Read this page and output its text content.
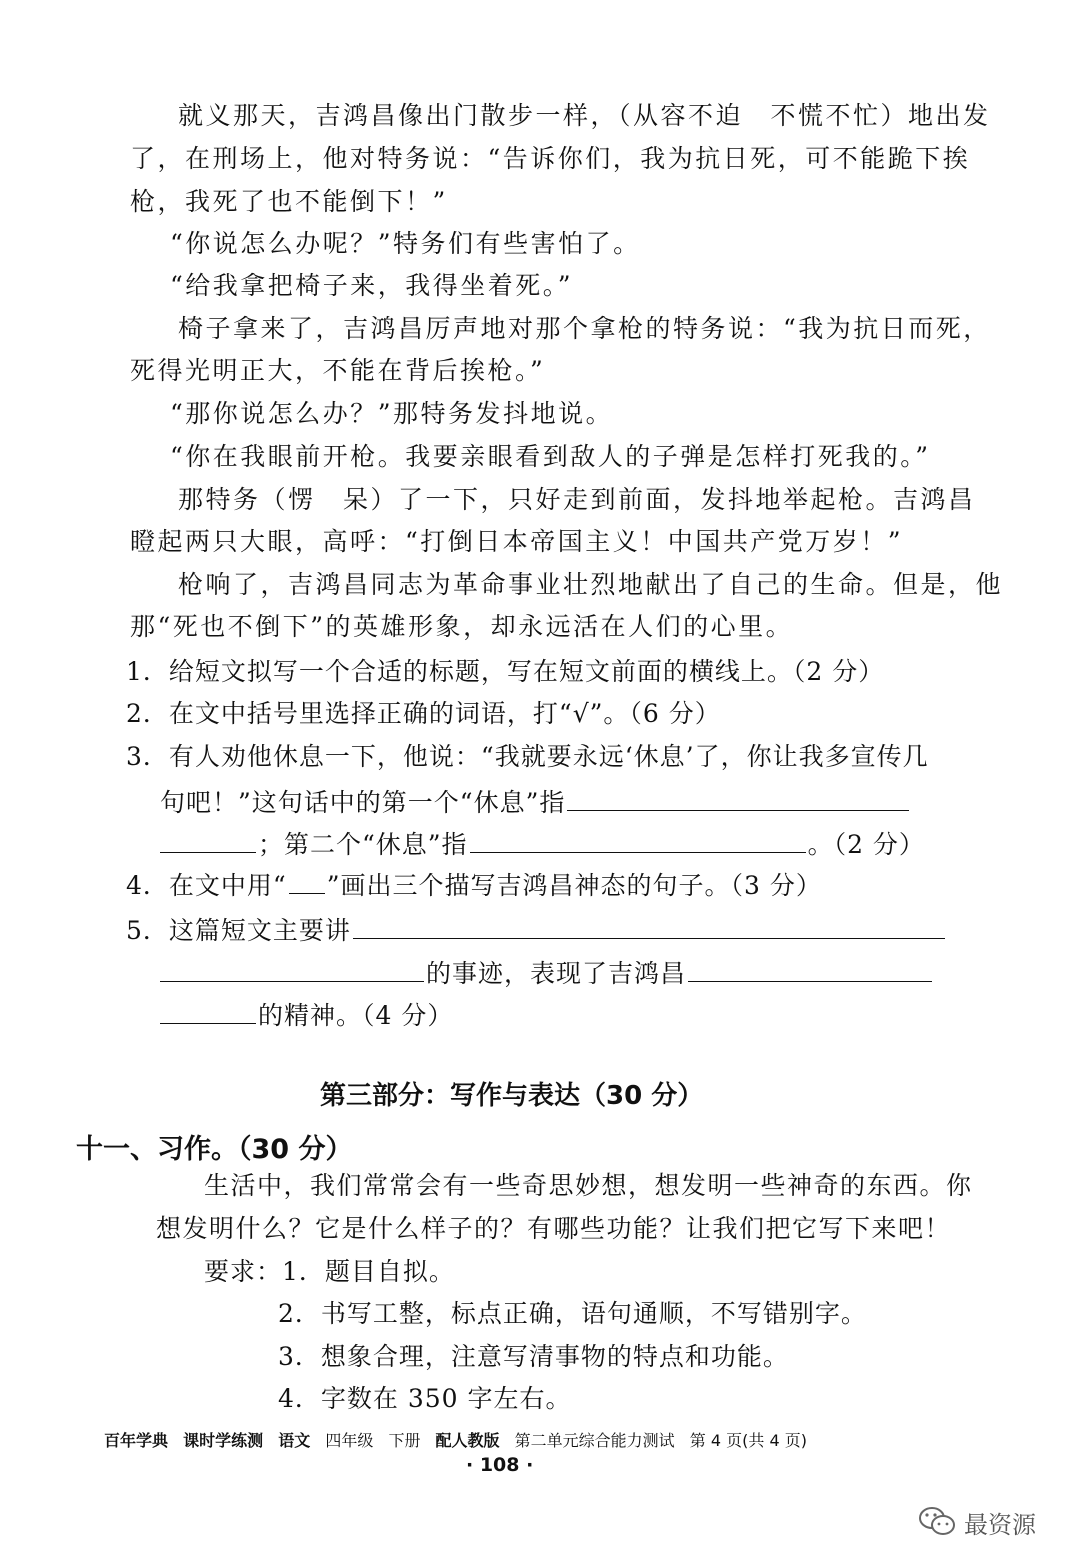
就义那天，吉鸿昌像出门散步一样，（从容不迫　不慌不忙）地出发
了，在刑场上，他对特务说：“告诉你们，我为抗日死，可不能跪下挨
枪，我死了也不能倒下！”
“你说怎么办呢？”特务们有些害怕了。
“给我拿把椅子来，我得坐着死。”
椅子拿来了，吉鸿昌厉声地对那个拿枪的特务说：“我为抗日而死，
死得光明正大，不能在背后挨枪。”
“那你说怎么办？”那特务发抖地说。
“你在我眼前开枪。我要亲眼看到敌人的子弹是怎样打死我的。”
那特务（愣　呆）了一下，只好走到前面，发抖地举起枪。吉鸿昌
瞪起两只大眼，高呼：“打倒日本帝国主义！中国共产党万岁！”
枪响了，吉鸿昌同志为革命事业壮烈地献出了自己的生命。但是，他
那“死也不倒下”的英雄形象，却永远活在人们的心里。
1．给短文拟写一个合适的标题，写在短文前面的横线上。（2 分）
2．在文中括号里选择正确的词语，打“√”。（6 分）
3．有人劝他休息一下，他说：“我就要永远‘休息’了，你让我多宣传几
句吧！”这句话中的第一个“休息”指
；第二个“休息”指	。（2 分）
4．在文中用“ ”画出三个描写吉鸿昌神态的句子。（3 分）
5．这篇短文主要讲
的事迹，表现了吉鸿昌
的精神。（4 分）
第三部分：写作与表达（30 分）
十一、习作。（30 分）
生活中，我们常常会有一些奇思妙想，想发明一些神奇的东西。你
想发明什么？它是什么样子的？有哪些功能？让我们把它写下来吧！
要求：1．题目自拟。
2．书写工整，标点正确，语句通顺，不写错别字。
3．想象合理，注意写清事物的特点和功能。
4．字数在 350 字左右。
百年学典 课时学练测 语文 四年级 下册 配人教版 第二单元综合能力测试 第 4 页(共 4 页)
· 108 ·
最资源
